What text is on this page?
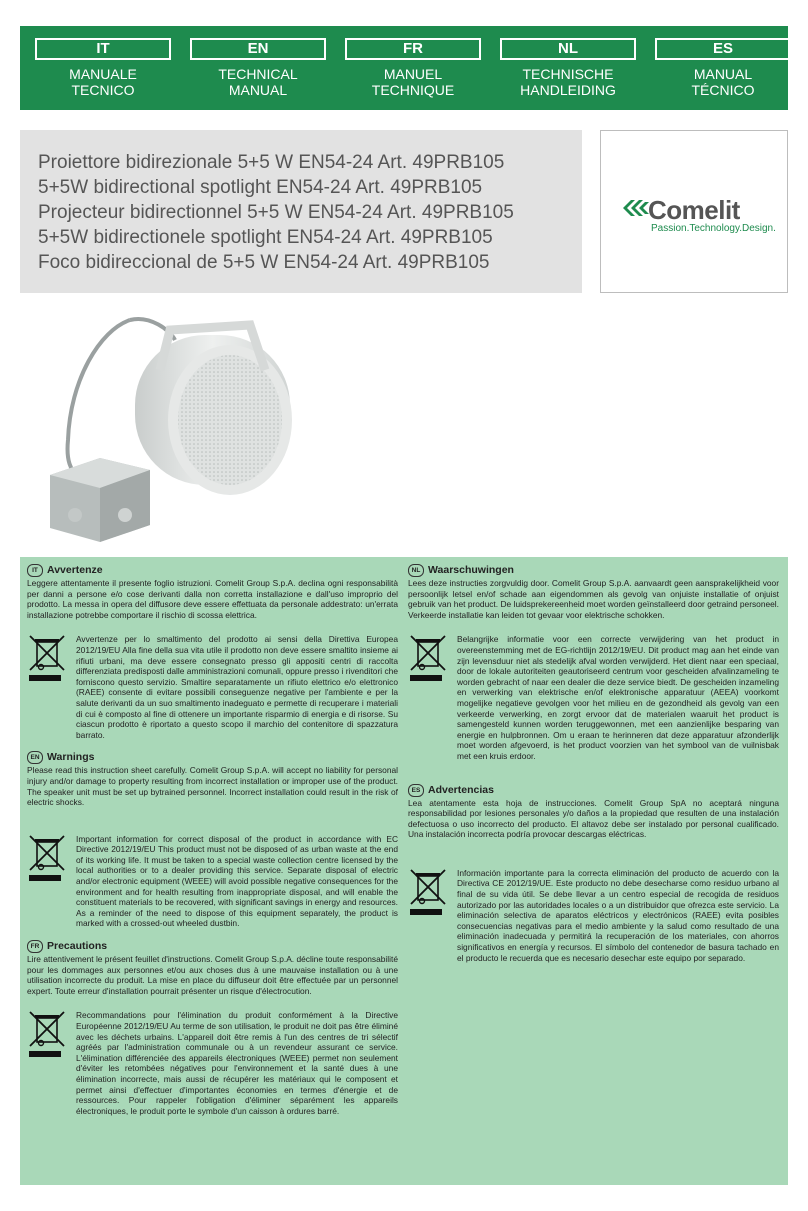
IT
MANUALE
TECNICO
EN
TECHNICAL
MANUAL
FR
MANUEL
TECHNIQUE
NL
TECHNISCHE
HANDLEIDING
ES
MANUAL
TÉCNICO
Proiettore bidirezionale 5+5 W EN54-24 Art. 49PRB105
5+5W bidirectional spotlight EN54-24 Art. 49PRB105
Projecteur bidirectionnel 5+5 W EN54-24 Art. 49PRB105
5+5W bidirectionele spotlight EN54-24 Art. 49PRB105
Foco bidireccional de 5+5 W EN54-24 Art. 49PRB105
Comelit
Passion.Technology.Design.
IT Avvertenze

Leggere attentamente il presente foglio istruzioni. Comelit Group S.p.A. declina ogni responsabilità per danni a persone e/o cose derivanti dalla non corretta installazione e dall'uso improprio del prodotto. La messa in opera del diffusore deve essere effettuata da personale addestrato: un'errata installazione potrebbe comportare il rischio di scossa elettrica.

Avvertenze per lo smaltimento del prodotto ai sensi della Direttiva Europea 2012/19/EU Alla fine della sua vita utile il prodotto non deve essere smaltito insieme ai rifiuti urbani, ma deve essere consegnato presso gli appositi centri di raccolta differenziata predisposti dalle amministrazioni comunali, oppure presso i rivenditori che forniscono questo servizio. Smaltire separatamente un rifiuto elettrico e/o elettronico (RAEE) consente di evitare possibili conseguenze negative per l'ambiente e per la salute derivanti da un suo smaltimento inadeguato e permette di recuperare i materiali di cui è composto al fine di ottenere un importante risparmio di energia e di risorse. Su ciascun prodotto è riportato a questo scopo il marchio del contenitore di spazzatura barrato.

EN Warnings

Please read this instruction sheet carefully. Comelit Group S.p.A. will accept no liability for personal injury and/or damage to property resulting from incorrect installation or improper use of the product. The speaker unit must be set up bytrained personnel. Incorrect installation could result in the risk of electric shocks.

Important information for correct disposal of the product in accordance with EC Directive 2012/19/EU This product must not be disposed of as urban waste at the end of its working life. It must be taken to a special waste collection centre licensed by the local authorities or to a dealer providing this service. Separate disposal of electric and/or electronic equipment (WEEE) will avoid possible negative consequences for the environment and for health resulting from inappropriate disposal, and will enable the constituent materials to be recovered, with significant savings in energy and resources. As a reminder of the need to dispose of this equipment separately, the product is marked with a crossed-out wheeled dustbin.

FR Precautions

Lire attentivement le présent feuillet d'instructions. Comelit Group S.p.A. décline toute responsabilité pour les dommages aux personnes et/ou aux choses dus à une mauvaise installation ou à une utilisation incorrecte du produit. La mise en place du diffuseur doit être effectuée par un personnel expert. Toute erreur d'installation pourrait présenter un risque d'électrocution.

Recommandations pour l'élimination du produit conformément à la Directive Européenne 2012/19/EU Au terme de son utilisation, le produit ne doit pas être éliminé avec les déchets urbains. L'appareil doit être remis à l'un des centres de tri sélectif agréés par l'administration communale ou à un revendeur assurant ce service. L'élimination différenciée des appareils électroniques (WEEE) permet non seulement d'éviter les retombées négatives pour l'environnement et la santé dues à une élimination incorrecte, mais aussi de récupérer les matériaux qui le composent et permet ainsi d'effectuer d'importantes économies en termes d'énergie et de ressources. Pour rappeler l'obligation d'éliminer séparément les appareils électroniques, le produit porte le symbole d'un caisson à ordures barré.

NL Waarschuwingen

Lees deze instructies zorgvuldig door. Comelit Group S.p.A. aanvaardt geen aansprakelijkheid voor persoonlijk letsel en/of schade aan eigendommen als gevolg van onjuiste installatie of onjuist gebruik van het product. De luidsprekereenheid moet worden geïnstalleerd door getraind personeel. Verkeerde installatie kan leiden tot gevaar voor elektrische schokken.

Belangrijke informatie voor een correcte verwijdering van het product in overeenstemming met de EG-richtlijn 2012/19/EU. Dit product mag aan het einde van zijn levensduur niet als stedelijk afval worden verwijderd. Het dient naar een speciaal, door de lokale autoriteiten geautoriseerd centrum voor gescheiden afvalinzameling te worden gebracht of naar een dealer die deze service biedt. De gescheiden inzameling en verwerking van elektrische en/of elektronische apparatuur (AEEA) voorkomt mogelijke negatieve gevolgen voor het milieu en de gezondheid als gevolg van een verkeerde verwerking, en zorgt ervoor dat de materialen waaruit het product is samengesteld kunnen worden teruggewonnen, met een aanzienlijke besparing van energie en hulpbronnen. Om u eraan te herinneren dat deze apparatuur afzonderlijk moet worden afgevoerd, is het product voorzien van het symbool van de vuilnisbak met een kruis erdoor.

ES Advertencias

Lea atentamente esta hoja de instrucciones. Comelit Group SpA no aceptará ninguna responsabilidad por lesiones personales y/o daños a la propiedad que resulten de una instalación defectuosa o uso incorrecto del producto. El altavoz debe ser instalado por personal cualificado. Una instalación incorrecta podría provocar descargas eléctricas.

Información importante para la correcta eliminación del producto de acuerdo con la Directiva CE 2012/19/UE. Este producto no debe desecharse como residuo urbano al final de su vida útil. Se debe llevar a un centro especial de recogida de residuos autorizado por las autoridades locales o a un distribuidor que ofrezca este servicio. La eliminación selectiva de aparatos eléctricos y electrónicos (RAEE) evita posibles consecuencias negativas para el medio ambiente y la salud como resultado de una eliminación inadecuada y permitirá la recuperación de los materiales, con ahorros significativos en energía y recursos. El símbolo del contenedor de basura tachado en el producto le recuerda que es necesario desechar este equipo por separado.
